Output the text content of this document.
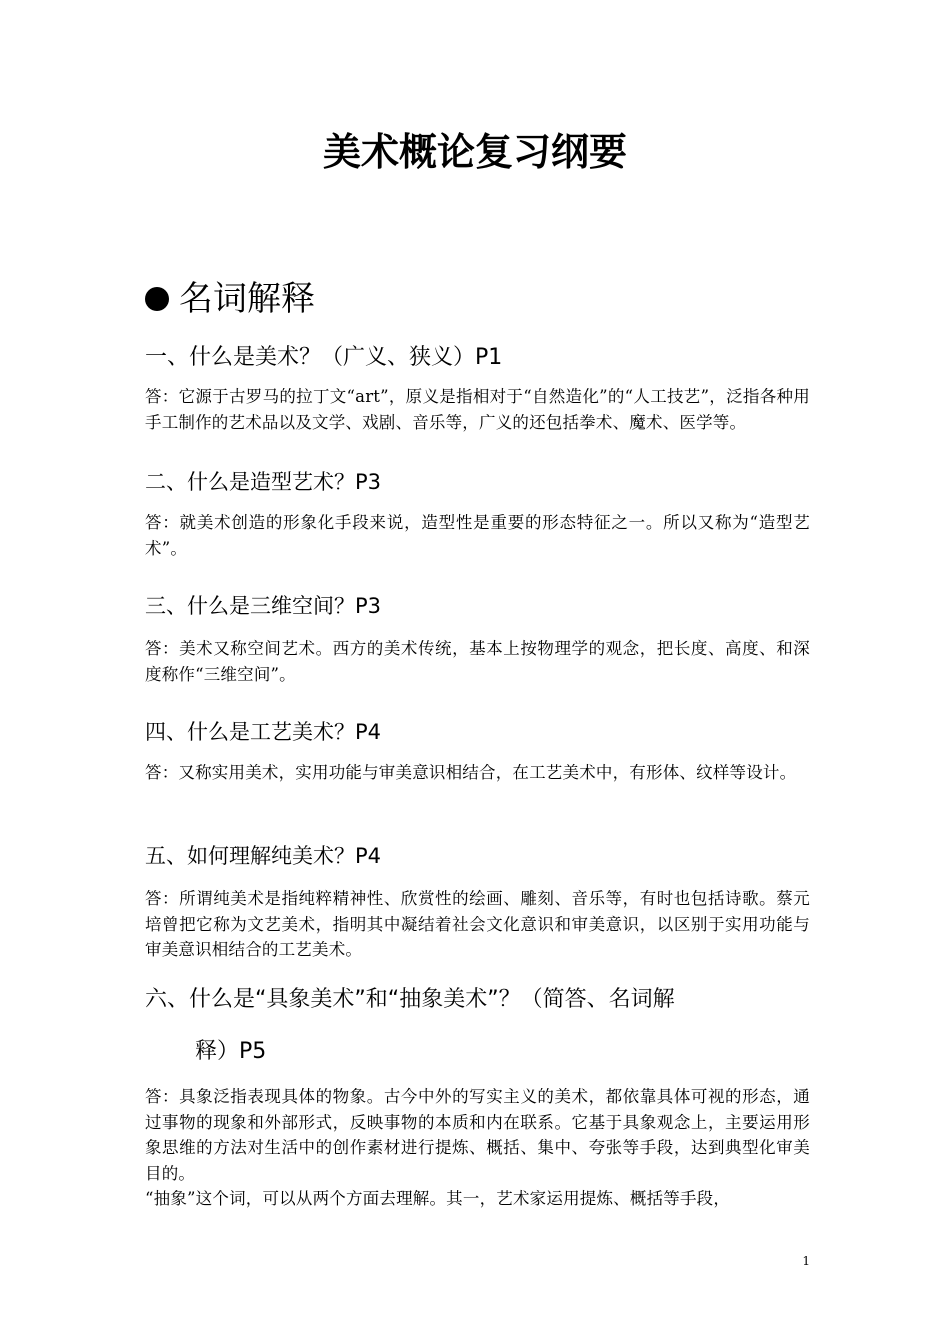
美术概论复习纲要
名词解释
一、什么是美术？（广义、狭义）P1

答：它源于古罗马的拉丁文“art”，原义是指相对于“自然造化”的“人工技艺”，泛指各种用手工制作的艺术品以及文学、戏剧、音乐等，广义的还包括拳术、魔术、医学等。

二、什么是造型艺术？P3

答：就美术创造的形象化手段来说，造型性是重要的形态特征之一。所以又称为“造型艺术”。

三、什么是三维空间？P3

答：美术又称空间艺术。西方的美术传统，基本上按物理学的观念，把长度、高度、和深度称作“三维空间”。

四、什么是工艺美术？P4

答：又称实用美术，实用功能与审美意识相结合，在工艺美术中，有形体、纹样等设计。

五、如何理解纯美术？P4

答：所谓纯美术是指纯粹精神性、欣赏性的绘画、雕刻、音乐等，有时也包括诗歌。蔡元培曾把它称为文艺美术，指明其中凝结着社会文化意识和审美意识，以区别于实用功能与审美意识相结合的工艺美术。

六、什么是“具象美术”和“抽象美术”？（简答、名词解
释）P5

答：具象泛指表现具体的物象。古今中外的写实主义的美术，都依靠具体可视的形态，通过事物的现象和外部形式，反映事物的本质和内在联系。它基于具象观念上，主要运用形象思维的方法对生活中的创作素材进行提炼、概括、集中、夸张等手段，达到典型化审美目的。

“抽象”这个词，可以从两个方面去理解。其一，艺术家运用提炼、概括等手段，

1
